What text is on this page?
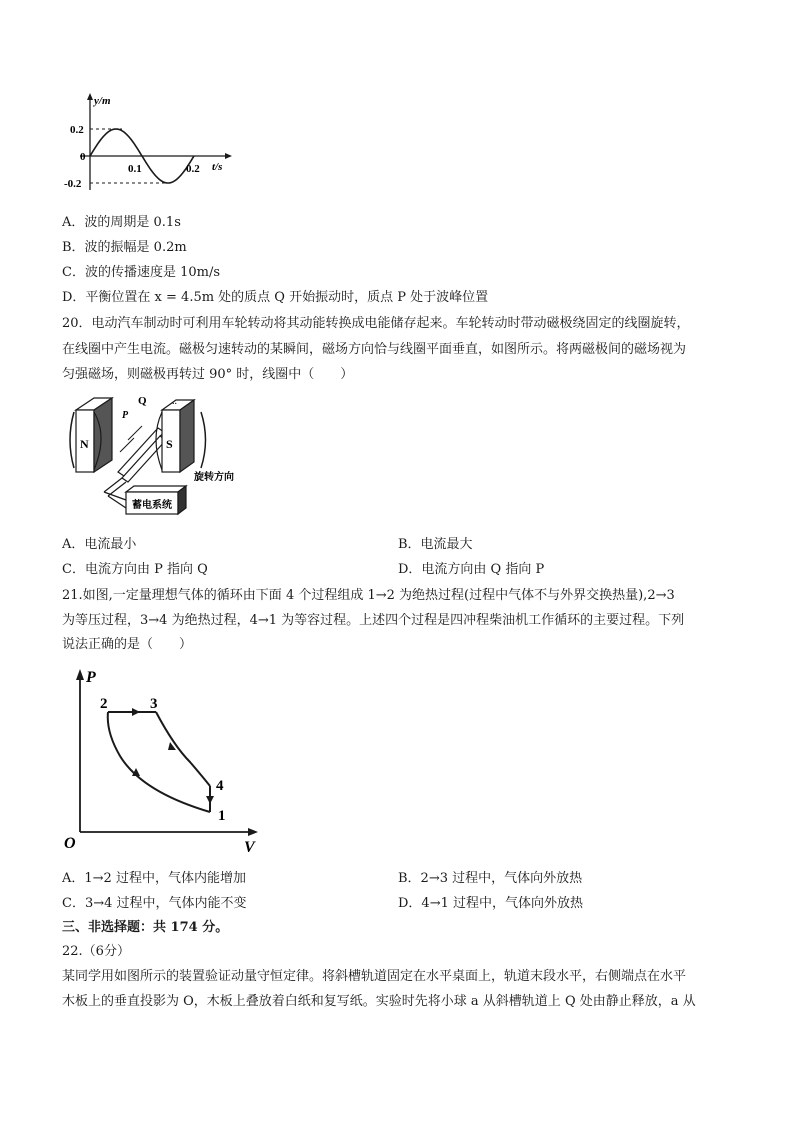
y/m
t/s
0.2
0
-0.2
0.1	0.2
A．波的周期是 0.1s
B．波的振幅是 0.2m
C．波的传播速度是 10m/s
D．平衡位置在 x = 4.5m 处的质点 Q 开始振动时，质点 P 处于波峰位置
20．电动汽车制动时可利用车轮转动将其动能转换成电能储存起来。车轮转动时带动磁极绕固定的线圈旋转，
在线圈中产生电流。磁极匀速转动的某瞬间，磁场方向恰与线圈平面垂直，如图所示。将两磁极间的磁场视为
匀强磁场，则磁极再转过 90° 时，线圈中（　　）
N
P
Q
S
..
旋转方向
蓄电系统
A．电流最小	B．电流最大
C．电流方向由 P 指向 Q	D．电流方向由 Q 指向 P
21.如图,一定量理想气体的循环由下面 4 个过程组成 1→2 为绝热过程(过程中气体不与外界交换热量),2→3
为等压过程，3→4 为绝热过程，4→1 为等容过程。上述四个过程是四冲程柴油机工作循环的主要过程。下列
说法正确的是（　　）
P
V
O
2	3
4
1
A．1→2 过程中，气体内能增加	B．2→3 过程中，气体向外放热
C．3→4 过程中，气体内能不变	D．4→1 过程中，气体向外放热
三、非选择题：共 174 分。
22.（6分）
某同学用如图所示的装置验证动量守恒定律。将斜槽轨道固定在水平桌面上，轨道末段水平，右侧端点在水平
木板上的垂直投影为 O，木板上叠放着白纸和复写纸。实验时先将小球 a 从斜槽轨道上 Q 处由静止释放，a 从
